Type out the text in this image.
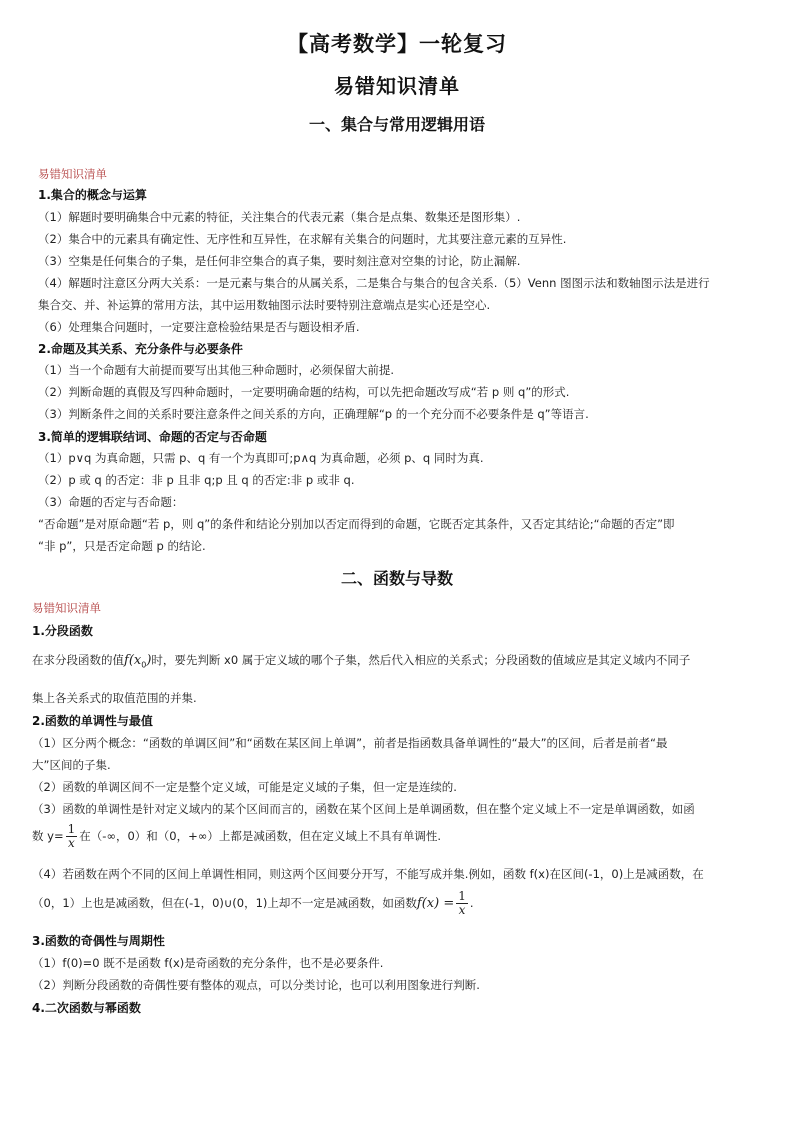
【高考数学】一轮复习
易错知识清单
一、集合与常用逻辑用语
易错知识清单
1.集合的概念与运算
（1）解题时要明确集合中元素的特征，关注集合的代表元素（集合是点集、数集还是图形集）.
（2）集合中的元素具有确定性、无序性和互异性，在求解有关集合的问题时，尤其要注意元素的互异性.
（3）空集是任何集合的子集，是任何非空集合的真子集，要时刻注意对空集的讨论，防止漏解.
（4）解题时注意区分两大关系：一是元素与集合的从属关系，二是集合与集合的包含关系.（5）Venn 图图示法和数轴图示法是进行
集合交、并、补运算的常用方法，其中运用数轴图示法时要特别注意端点是实心还是空心.
（6）处理集合问题时，一定要注意检验结果是否与题设相矛盾.
2.命题及其关系、充分条件与必要条件
（1）当一个命题有大前提而要写出其他三种命题时，必须保留大前提.
（2）判断命题的真假及写四种命题时，一定要明确命题的结构，可以先把命题改写成“若 p 则 q”的形式.
（3）判断条件之间的关系时要注意条件之间关系的方向，正确理解“p 的一个充分而不必要条件是 q”等语言.
3.简单的逻辑联结词、命题的否定与否命题
（1）p∨q 为真命题，只需 p、q 有一个为真即可;p∧q 为真命题，必须 p、q 同时为真.
（2）p 或 q 的否定：非 p 且非 q;p 且 q 的否定:非 p 或非 q.
（3）命题的否定与否命题：
“否命题”是对原命题“若 p，则 q”的条件和结论分别加以否定而得到的命题，它既否定其条件，又否定其结论;“命题的否定”即
“非 p”，只是否定命题 p 的结论.
二、函数与导数
易错知识清单
1.分段函数
在求分段函数的值$f(x_0)$时，要先判断 x0 属于定义域的哪个子集，然后代入相应的关系式；分段函数的值域应是其定义域内不同子
集上各关系式的取值范围的并集.
2.函数的单调性与最值
（1）区分两个概念：“函数的单调区间”和“函数在某区间上单调”，前者是指函数具备单调性的“最大”的区间，后者是前者“最
大”区间的子集.
（2）函数的单调区间不一定是整个定义域，可能是定义域的子集，但一定是连续的.
（3）函数的单调性是针对定义域内的某个区间而言的，函数在某个区间上是单调函数，但在整个定义域上不一定是单调函数，如函
数 $y= \frac{1}{x}$ 在（-∞，0）和（0，+∞）上都是减函数，但在定义域上不具有单调性.
（4）若函数在两个不同的区间上单调性相同，则这两个区间要分开写，不能写成并集.例如，函数 f(x)在区间(-1，0)上是减函数，在
（0，1）上也是减函数，但在(-1，0)∪(0，1)上却不一定是减函数，如函数$f(x) = \frac{1}{x}$ .
3.函数的奇偶性与周期性
（1）f(0)=0 既不是函数 f(x)是奇函数的充分条件，也不是必要条件.
（2）判断分段函数的奇偶性要有整体的观点，可以分类讨论，也可以利用图象进行判断.
4.二次函数与幂函数
